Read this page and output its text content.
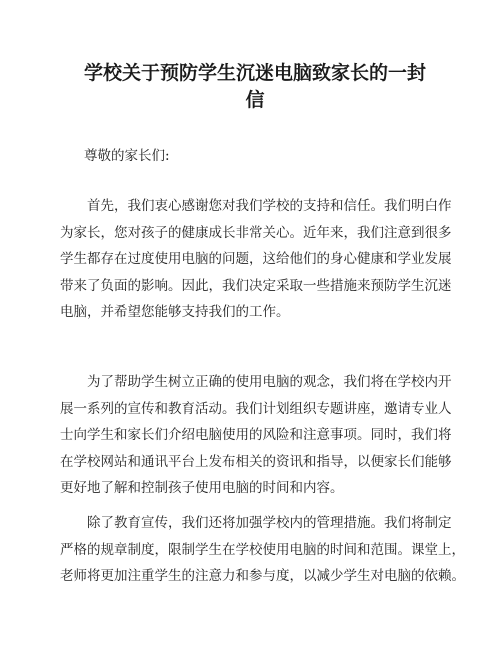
学校关于预防学生沉迷电脑致家长的一封
信

尊敬的家长们:

首先，我们衷心感谢您对我们学校的支持和信任。我们明白作
为家长，您对孩子的健康成长非常关心。近年来，我们注意到很多
学生都存在过度使用电脑的问题，这给他们的身心健康和学业发展
带来了负面的影响。因此，我们决定采取一些措施来预防学生沉迷
电脑，并希望您能够支持我们的工作。

为了帮助学生树立正确的使用电脑的观念，我们将在学校内开
展一系列的宣传和教育活动。我们计划组织专题讲座，邀请专业人
士向学生和家长们介绍电脑使用的风险和注意事项。同时，我们将
在学校网站和通讯平台上发布相关的资讯和指导，以便家长们能够
更好地了解和控制孩子使用电脑的时间和内容。

除了教育宣传，我们还将加强学校内的管理措施。我们将制定
严格的规章制度，限制学生在学校使用电脑的时间和范围。课堂上，
老师将更加注重学生的注意力和参与度，以减少学生对电脑的依赖。
